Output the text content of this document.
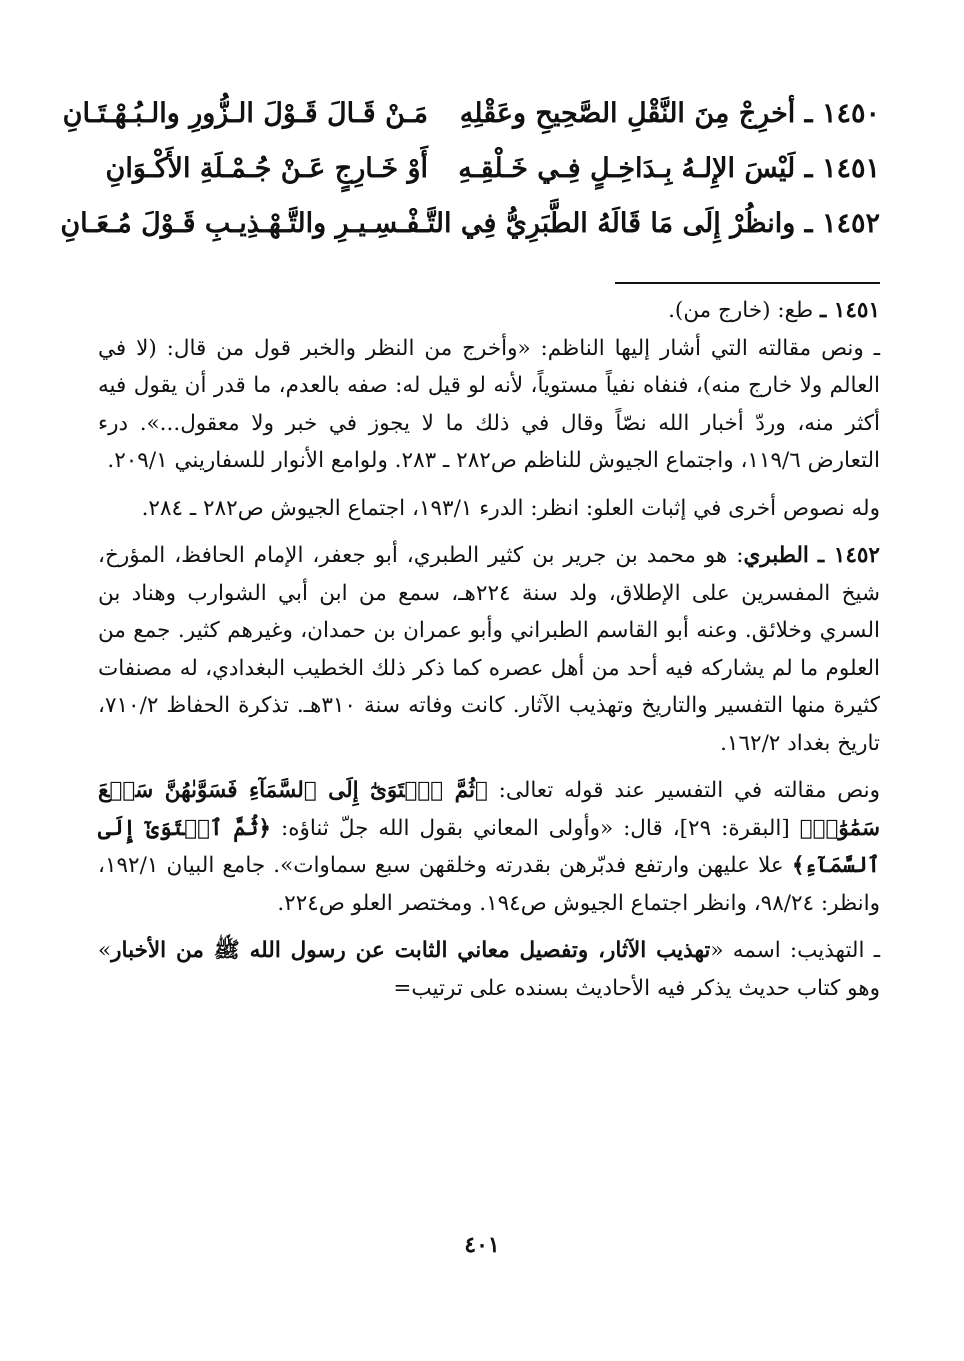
١٤٥٠ ـ أخرِجْ مِنَ النَّقْلِ الصَّحِيحِ وعَقْلِهِ
مَـنْ قَـالَ قَـوْلَ الـزُّورِ والـبُـهْـتَـانِ
١٤٥١ ـ لَيْسَ الإِلـهُ بِـدَاخِـلٍ فِـي خَـلْقِـهِ
أَوْ خَـارِجٍ عَـنْ جُـمْـلَةِ الأَكْـوَانِ
١٤٥٢ ـ وانظُرْ إِلَى مَا قَالَهُ الطَّبَرِيُّ فِي التَّـ
ـفْـسِـيـرِ والتَّـهْـذِيـبِ قَـوْلَ مُـعَـانِ

١٤٥١ ـ طع: (خارج من).

ـ ونص مقالته التي أشار إليها الناظم: «وأخرج من النظر والخبر قول من قال: (لا في العالم ولا خارج منه)، فنفاه نفياً مستوياً، لأنه لو قيل له: صفه بالعدم، ما قدر أن يقول فيه أكثر منه، وردّ أخبار الله نصّاً وقال في ذلك ما لا يجوز في خبر ولا معقول...». درء التعارض ١١٩/٦، واجتماع الجيوش للناظم ص٢٨٢ ـ ٢٨٣. ولوامع الأنوار للسفاريني ٢٠٩/١.

وله نصوص أخرى في إثبات العلو: انظر: الدرء ١٩٣/١، اجتماع الجيوش ص٢٨٢ ـ ٢٨٤.

١٤٥٢ ـ الطبري: هو محمد بن جرير بن كثير الطبري، أبو جعفر، الإمام الحافظ، المؤرخ، شيخ المفسرين على الإطلاق، ولد سنة ٢٢٤هـ، سمع من ابن أبي الشوارب وهناد بن السري وخلائق. وعنه أبو القاسم الطبراني وأبو عمران بن حمدان، وغيرهم كثير. جمع من العلوم ما لم يشاركه فيه أحد من أهل عصره كما ذكر ذلك الخطيب البغدادي، له مصنفات كثيرة منها التفسير والتاريخ وتهذيب الآثار. كانت وفاته سنة ٣١٠هـ. تذكرة الحفاظ ٧١٠/٢، تاريخ بغداد ١٦٢/٢.

ونص مقالته في التفسير عند قوله تعالى: ﴿ثُمَّ ٱسۡتَوَىٰٓ إِلَى ٱلسَّمَآءِ فَسَوَّىٰهُنَّ سَبۡعَ سَمَٰوَٰتٖ﴾ [البقرة: ٢٩]، قال: «وأولى المعاني بقول الله جلّ ثناؤه: ﴿ثُمَّ ٱسۡتَوَىٰٓ إِلَى ٱلسَّمَآءِ﴾ علا عليهن وارتفع فدبّرهن بقدرته وخلقهن سبع سماوات». جامع البيان ١٩٢/١، وانظر: ٩٨/٢٤، وانظر اجتماع الجيوش ص١٩٤. ومختصر العلو ص٢٢٤.

ـ التهذيب: اسمه «تهذيب الآثار، وتفصيل معاني الثابت عن رسول الله ﷺ من الأخبار» وهو كتاب حديث يذكر فيه الأحاديث بسنده على ترتيب=

٤٠١
